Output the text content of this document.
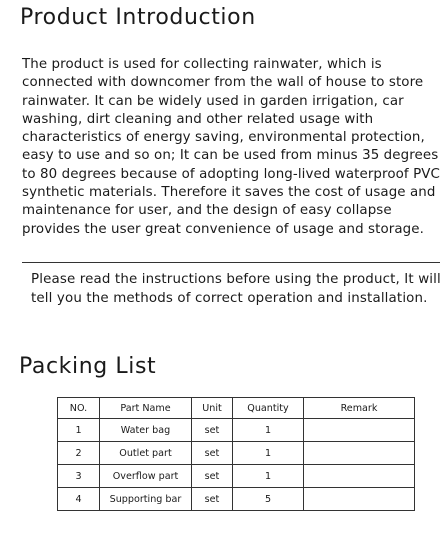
Product Introduction

The product is used for collecting rainwater, which is connected with downcomer from the wall of house to store rainwater. It can be widely used in garden irrigation, car washing, dirt cleaning and other related usage with characteristics of energy saving, environmental protection, easy to use and so on; It can be used from minus 35 degrees to 80 degrees because of adopting long-lived waterproof PVC synthetic materials. Therefore it saves the cost of usage and maintenance for user, and the design of easy collapse provides the user great convenience of usage and storage.

Please read the instructions before using the product, It will tell you the methods of correct operation and installation.

Packing List
NO.	Part Name	Unit	Quantity	Remark
1	Water bag	set	1	
2	Outlet part	set	1	
3	Overflow part	set	1	
4	Supporting bar	set	5	
